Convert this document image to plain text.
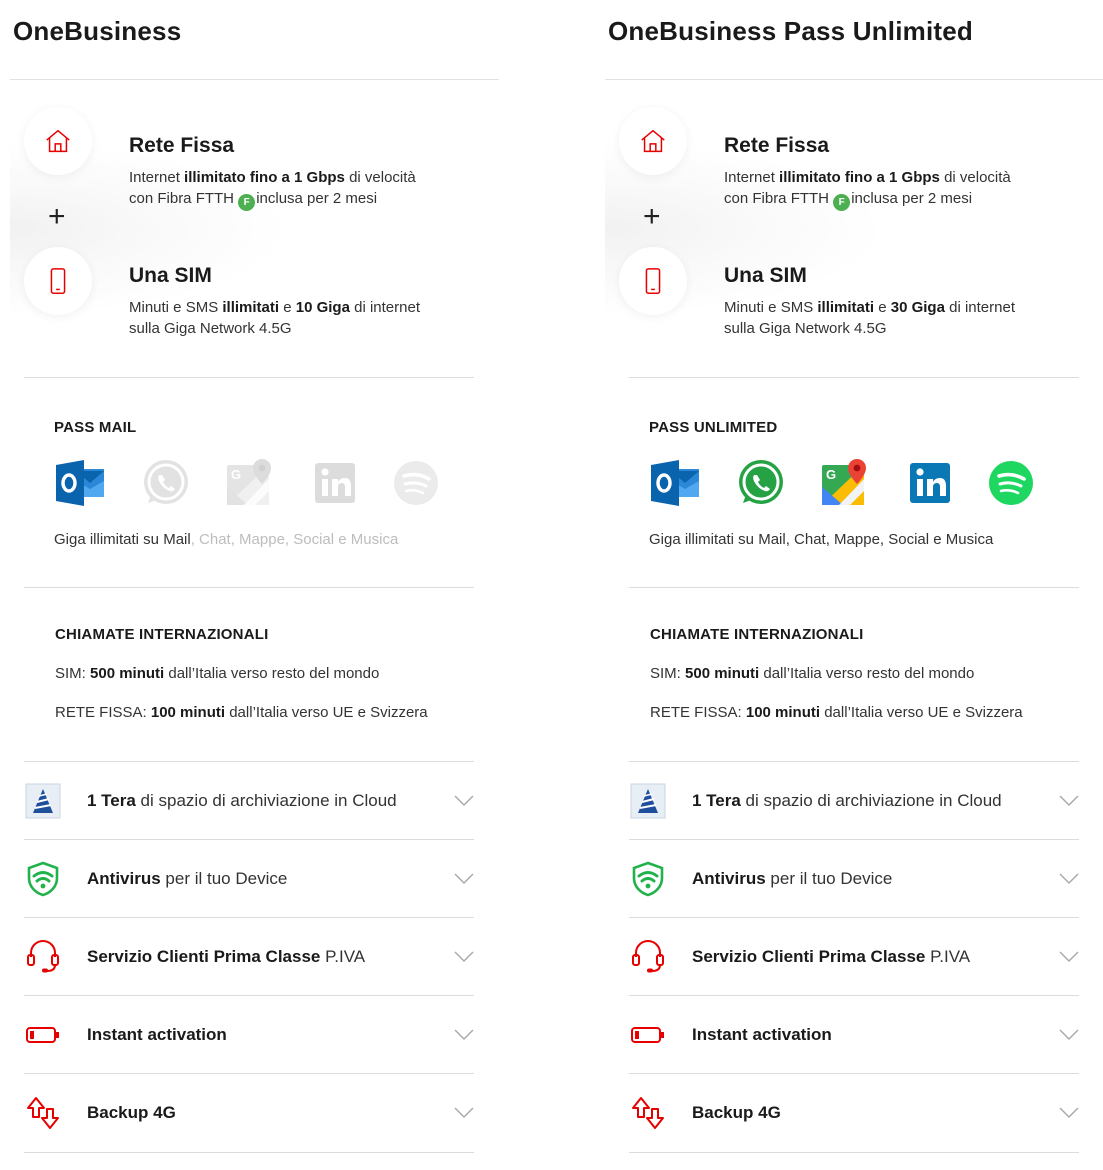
OneBusiness
Rete Fissa
Internet illimitato fino a 1 Gbps di velocità
con Fibra FTTH F inclusa per 2 mesi
+
Una SIM
Minuti e SMS illimitati e 10 Giga di internet
sulla Giga Network 4.5G
PASS MAIL
G
Giga illimitati su Mail, Chat, Mappe, Social e Musica
CHIAMATE INTERNAZIONALI
SIM: 500 minuti dall’Italia verso resto del mondo
RETE FISSA: 100 minuti dall’Italia verso UE e Svizzera
1 Tera di spazio di archiviazione in Cloud
Antivirus per il tuo Device
Servizio Clienti Prima Classe P.IVA
Instant activation
Backup 4G
OneBusiness Pass Unlimited
Rete Fissa
Internet illimitato fino a 1 Gbps di velocità
con Fibra FTTH F inclusa per 2 mesi
+
Una SIM
Minuti e SMS illimitati e 30 Giga di internet
sulla Giga Network 4.5G
PASS UNLIMITED
G
Giga illimitati su Mail, Chat, Mappe, Social e Musica
CHIAMATE INTERNAZIONALI
SIM: 500 minuti dall’Italia verso resto del mondo
RETE FISSA: 100 minuti dall’Italia verso UE e Svizzera
1 Tera di spazio di archiviazione in Cloud
Antivirus per il tuo Device
Servizio Clienti Prima Classe P.IVA
Instant activation
Backup 4G
